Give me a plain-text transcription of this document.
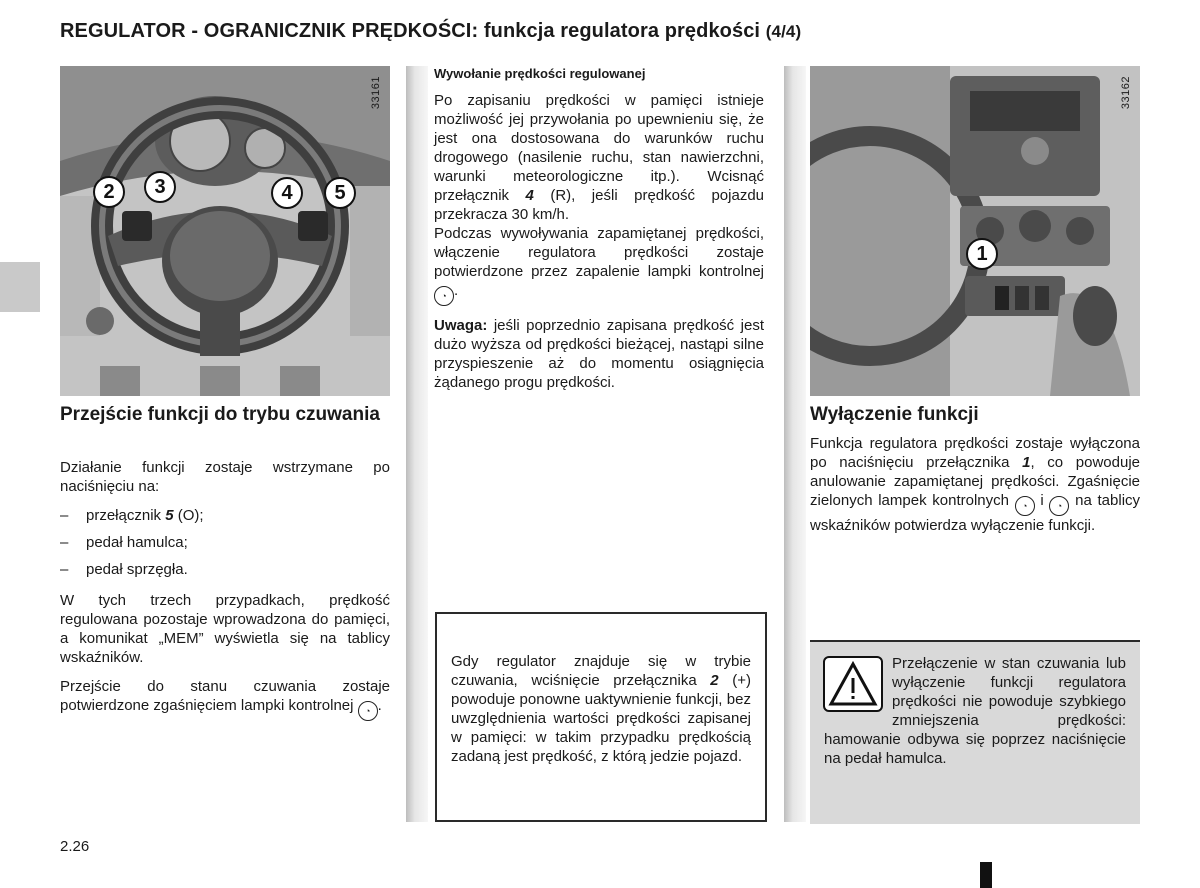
REGULATOR - OGRANICZNIK PRĘDKOŚCI: funkcja regulatora prędkości (4/4)
33161
2	3	4	5
Przejście funkcji do trybu czuwania

Działanie funkcji zostaje wstrzymane po naciśnięciu na:

–	przełącznik 5 (O);
–	pedał hamulca;
–	pedał sprzęgła.

W tych trzech przypadkach, prędkość regulowana pozostaje wprowadzona do pamięci, a komunikat „MEM” wyświetla się na tablicy wskaźników.

Przejście do stanu czuwania zostaje potwierdzone zgaśnięciem lampki kontrolnej ◔ .

Wywołanie prędkości regulowanej
Po zapisaniu prędkości w pamięci istnieje możliwość jej przywołania po upewnieniu się, że jest ona dostosowana do warunków ruchu drogowego (nasilenie ruchu, stan nawierzchni, warunki meteorologiczne itp.). Wcisnąć przełącznik 4 (R), jeśli prędkość pojazdu przekracza 30 km/h.
Podczas wywoływania zapamiętanej prędkości, włączenie regulatora prędkości zostaje potwierdzone przez zapalenie lampki kontrolnej ◔ .
Uwaga: jeśli poprzednio zapisana prędkość jest dużo wyższa od prędkości bieżącej, nastąpi silne przyspieszenie aż do momentu osiągnięcia żądanego progu prędkości.
Gdy regulator znajduje się w trybie czuwania, wciśnięcie przełącznika 2 (+) powoduje ponowne uaktywnienie funkcji, bez uwzględnienia wartości prędkości zapisanej w pamięci: w takim przypadku prędkością zadaną jest prędkość, z którą jedzie pojazd.
33162
1
Wyłączenie funkcji
Funkcja regulatora prędkości zostaje wyłączona po naciśnięciu przełącznika 1, co powoduje anulowanie zapamiętanej prędkości. Zgaśnięcie zielonych lampek kontrolnych ◔ i ◔ na tablicy wskaźników potwierdza wyłączenie funkcji.
Przełączenie w stan czuwania lub wyłączenie funkcji regulatora prędkości nie powoduje szybkiego zmniejszenia prędkości: hamowanie odbywa się poprzez naciśnięcie na pedał hamulca.
2.26
